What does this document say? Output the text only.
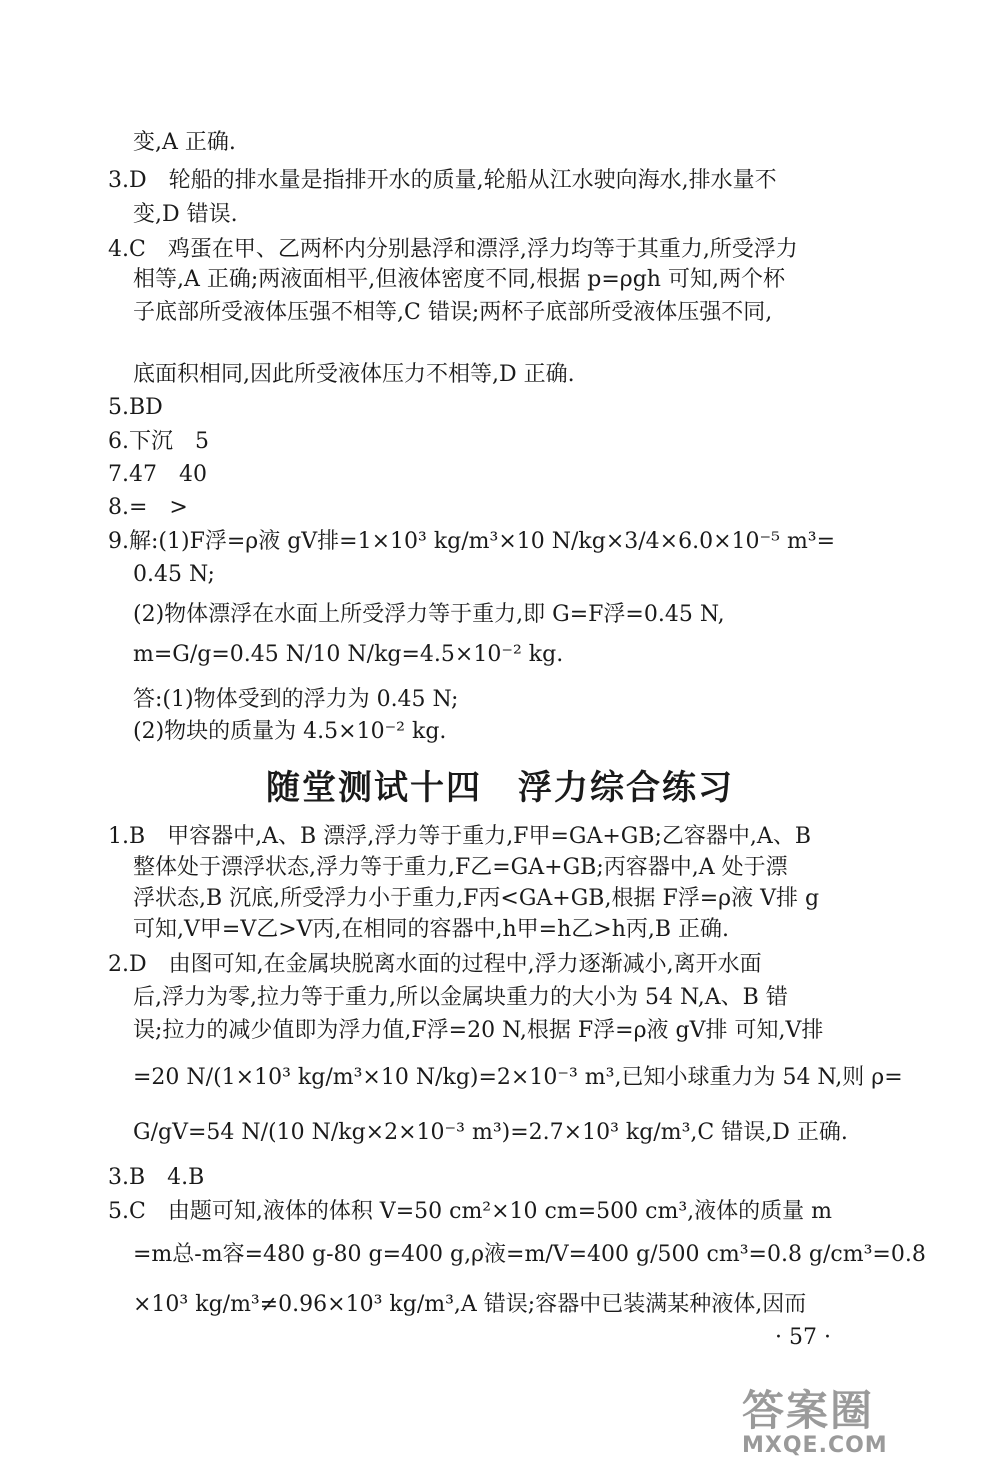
变,A 正确.
3.D　轮船的排水量是指排开水的质量,轮船从江水驶向海水,排水量不
变,D 错误.
4.C　鸡蛋在甲、乙两杯内分别悬浮和漂浮,浮力均等于其重力,所受浮力
相等,A 正确;两液面相平,但液体密度不同,根据 p=ρgh 可知,两个杯
子底部所受液体压强不相等,C 错误;两杯子底部所受液体压强不同,
底面积相同,因此所受液体压力不相等,D 正确.
5.BD
6.下沉　5
7.47　40
8.=　>
9.解:(1)F浮=ρ液 gV排=1×10³ kg/m³×10 N/kg×3/4×6.0×10⁻⁵ m³=
0.45 N;
(2)物体漂浮在水面上所受浮力等于重力,即 G=F浮=0.45 N,
m=G/g=0.45 N/10 N/kg=4.5×10⁻² kg.
答:(1)物体受到的浮力为 0.45 N;
(2)物块的质量为 4.5×10⁻² kg.
随堂测试十四　浮力综合练习
1.B　甲容器中,A、B 漂浮,浮力等于重力,F甲=GA+GB;乙容器中,A、B
整体处于漂浮状态,浮力等于重力,F乙=GA+GB;丙容器中,A 处于漂
浮状态,B 沉底,所受浮力小于重力,F丙<GA+GB,根据 F浮=ρ液 V排 g
可知,V甲=V乙>V丙,在相同的容器中,h甲=h乙>h丙,B 正确.
2.D　由图可知,在金属块脱离水面的过程中,浮力逐渐减小,离开水面
后,浮力为零,拉力等于重力,所以金属块重力的大小为 54 N,A、B 错
误;拉力的减少值即为浮力值,F浮=20 N,根据 F浮=ρ液 gV排 可知,V排
=20 N/(1×10³ kg/m³×10 N/kg)=2×10⁻³ m³,已知小球重力为 54 N,则 ρ=
G/gV=54 N/(10 N/kg×2×10⁻³ m³)=2.7×10³ kg/m³,C 错误,D 正确.
3.B　4.B
5.C　由题可知,液体的体积 V=50 cm²×10 cm=500 cm³,液体的质量 m
=m总-m容=480 g-80 g=400 g,ρ液=m/V=400 g/500 cm³=0.8 g/cm³=0.8
×10³ kg/m³≠0.96×10³ kg/m³,A 错误;容器中已装满某种液体,因而
· 57 ·
答案圈
MXQE.COM
